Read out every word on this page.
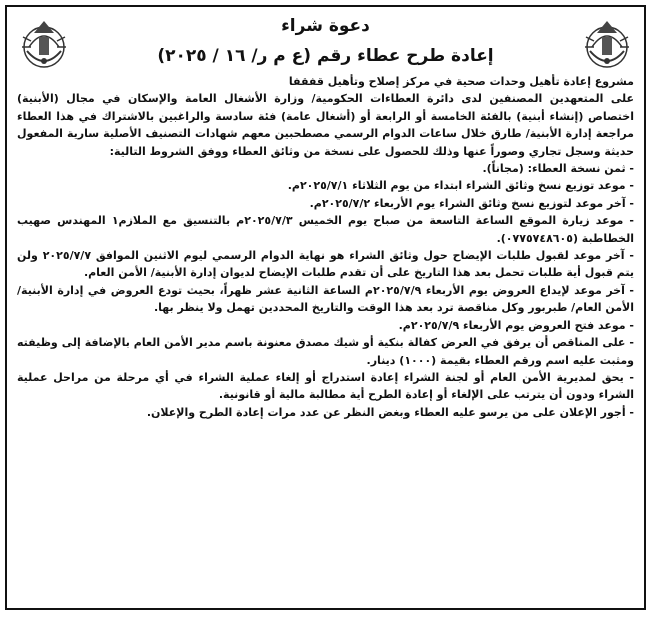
دعوة شراء
إعادة طرح عطاء رقم (ع م ر/ ١٦ / ٢٠٢٥)

مشروع إعادة تأهيل وحدات صحية في مركز إصلاح وتأهيل قفقفا

على المتعهدين المصنفين لدى دائرة العطاءات الحكومية/ وزارة الأشغال العامة والإسكان في مجال (الأبنية) اختصاص (إنشاء أبنية) بالفئة الخامسة أو الرابعة أو (أشغال عامة) فئة سادسة والراغبين بالاشتراك في هذا العطاء مراجعة إدارة الأبنية/ طارق خلال ساعات الدوام الرسمي مصطحبين معهم شهادات التصنيف الأصلية سارية المفعول حديثة وسجل تجاري وصوراً عنها وذلك للحصول على نسخة من وثائق العطاء ووفق الشروط التالية:

- ثمن نسخة العطاء: (مجاناً).

- موعد توزيع نسخ وثائق الشراء ابتداء من يوم الثلاثاء ٢٠٢٥/٧/١م.

- آخر موعد لتوزيع نسخ وثائق الشراء يوم الأربعاء ٢٠٢٥/٧/٢م.

- موعد زيارة الموقع الساعة التاسعة من صباح يوم الخميس ٢٠٢٥/٧/٣م بالتنسيق مع الملازم١ المهندس صهيب الخطاطبة (٠٧٧٥٧٤٨٦٠٥).

- آخر موعد لقبول طلبات الإيضاح حول وثائق الشراء هو نهاية الدوام الرسمي ليوم الاثنين الموافق ٢٠٢٥/٧/٧ ولن يتم قبول أية طلبات تحمل بعد هذا التاريخ على أن تقدم طلبات الإيضاح لديوان إدارة الأبنية/ الأمن العام.

- آخر موعد لإيداع العروض يوم الأربعاء ٢٠٢٥/٧/٩م الساعة الثانية عشر ظهراً، بحيث تودع العروض في إدارة الأبنية/ الأمن العام/ طبربور وكل مناقصة ترد بعد هذا الوقت والتاريخ المحددين تهمل ولا ينظر بها.

- موعد فتح العروض يوم الأربعاء ٢٠٢٥/٧/٩م.

- على المناقص أن يرفق في العرض كفالة بنكية أو شيك مصدق معنونة باسم مدير الأمن العام بالإضافة إلى وظيفته ومثبت عليه اسم ورقم العطاء بقيمة (١٠٠٠) دينار.

- يحق لمديرية الأمن العام أو لجنة الشراء إعادة استدراج أو إلغاء عملية الشراء في أي مرحلة من مراحل عملية الشراء ودون أن يترتب على الإلغاء أو إعادة الطرح أية مطالبة مالية أو قانونية.

- أجور الإعلان على من يرسو عليه العطاء وبغض النظر عن عدد مرات إعادة الطرح والإعلان.
